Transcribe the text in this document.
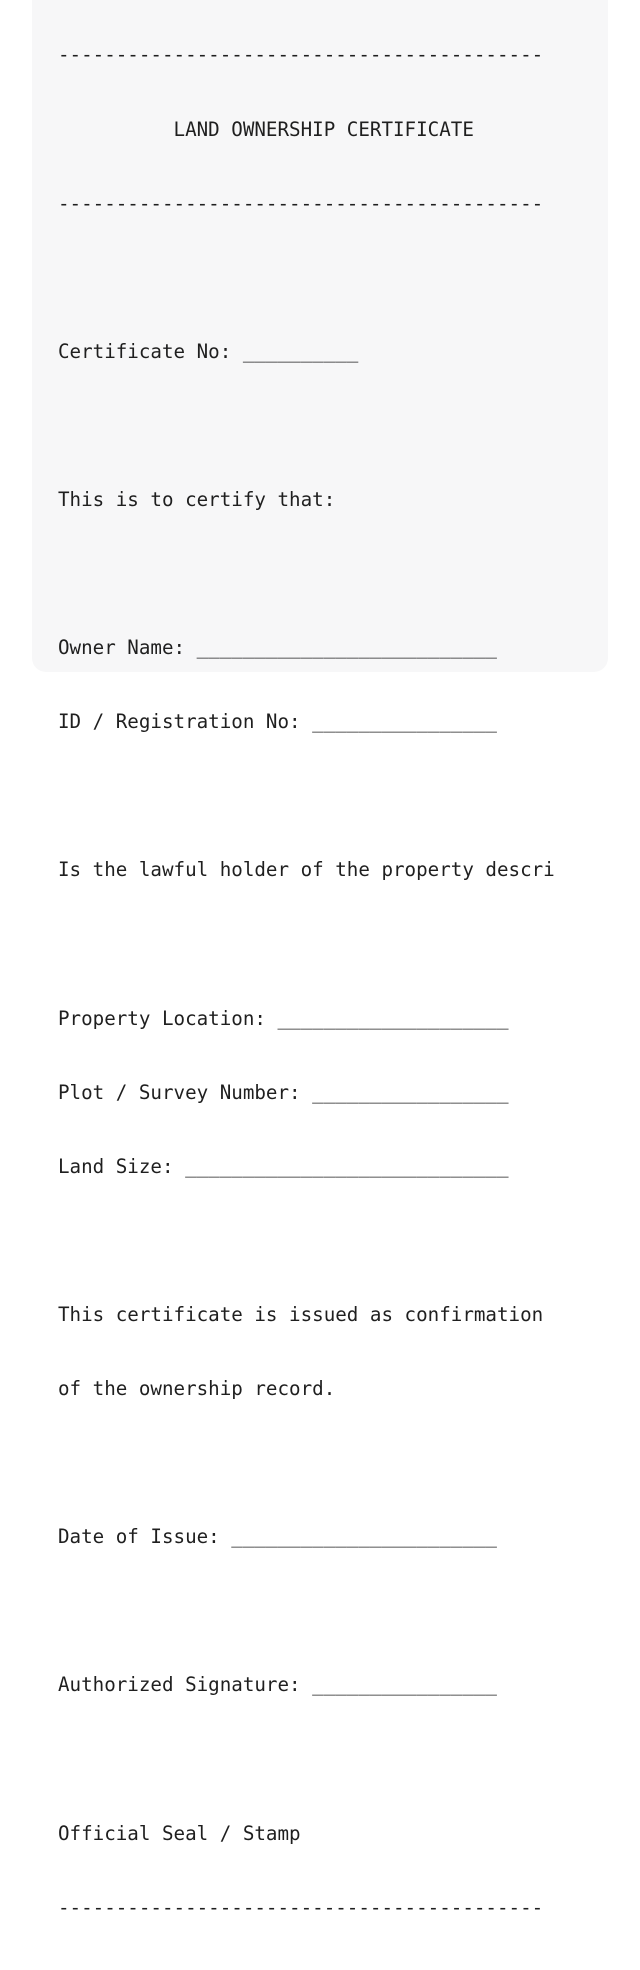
------------------------------------------

LAND OWNERSHIP CERTIFICATE

------------------------------------------

Certificate No: __________

This is to certify that:

Owner Name: __________________________

ID / Registration No: ________________

Is the lawful holder of the property descri

Property Location: ____________________

Plot / Survey Number: _________________

Land Size: ____________________________

This certificate is issued as confirmation

of the ownership record.

Date of Issue: _______________________

Authorized Signature: ________________

Official Seal / Stamp

------------------------------------------
